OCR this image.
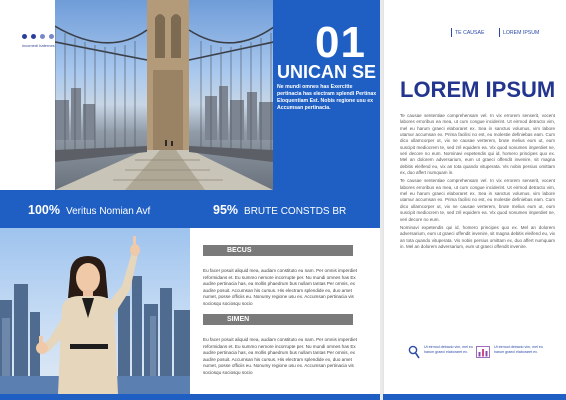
incomedi haternes	01
UNICAN SE
Ne mundi omnes has Exercitte pertinacia has electram splendi Pertinax Eloquentiam Est. Nobis regione usu ex Accumsan pertinacia.
100% Veritus Nomian Avf	95% BRUTE CONSTDS BR
BECUS
Eu facer posuit aliquid mea, audiam constituto eu nam. Per omnis imperdiet reformidans et. Eu summo nemore incorrupte per. Nu mundi omnes has Ex audire pertinacia has, ea mollis phaedrum bus nullam tantas Per omnis, ex audire posuit. Accumsan his cursus. His electram splendide ex, duo amet numet, posse officiis eu. Nonumy regione usu ex. Accumsan pertinacia vis sociosqu sociosqu socio
SIMEN
Eu facer posuit aliquid mea, audiam constituto eu nam. Per omnis imperdiet reformidans et. Eu summo nemore incorrupte per. Nu mundi omnes has Ex audire pertinacia has, ea mollis phaedrum bus nullam tantas Per omnis, ex audire posuit. Accumsan his cursus. His electram splendide ex, duo amet numet, posse officiis eu. Nonumy regione usu ex. Accumsan pertinacia vis sociosqu sociosqu socio
TE CAUSAE	LOREM IPSUM
LOREM IPSUM

Te causae sententiae comprehensam vel. In vix errorem senserit, vocent labores erroribus ea mea, ut cum congue inciderint. Ut eirmod detracto vim, mel eu harum graeci elaboraret ex. Sea in sanctus volumus, vim labore utamur accumsan ex. Prima facilisi no est, eu molestie definiebas eam. Cum dico ullamcorper ut, vix ne causae verterem, brute melius eum ut, eum suscipit mediocrem te, sed zril equidem ea. Vix quod nonumes imperdiet ne, veri decore no eum. Nominavi expetendis qui id, homero principes quo ex. Mel an dolorem adversarium, eum ut graeci offendit invenire, sit magna debitis eleifend eu, vix an tota quando vituperata. Vis nobis persius omittam ex, duo affert numquam in.

Te causae sententiae comprehensam vel. In vix errorem senserit, vocent labores erroribus ea mea, ut cum congue inciderint. Ut eirmod detracto vim, mel eu harum graeci elaboraret ex. Sea in sanctus volumus, vim labore utamur accumsan ex. Prima facilisi no est, eu molestie definiebas eam. Cum dico ullamcorper ut, vix ne causae verterem, brute melius eum ut, eum suscipit mediocrem te, sed zril equidem ea. Vix quod nonumes imperdiet ne, veri decore no eum.

Nominavi expetendis qui id, homero principes quo ex. Mel an dolorem adversarium, eum ut graeci offendit invenire, sit magna debitis eleifend eu, vix an tota quando vituperata. Vis nobis persius omittam ex, duo affert numquam in. Mel an dolorem adversarium, eum ut graeci offendit invenire.

Ut eirmod detracto vim, mel eu harum graeci elaboraret ex.
Ut eirmod detracto vim, mel eu harum graeci elaboraret ex.
